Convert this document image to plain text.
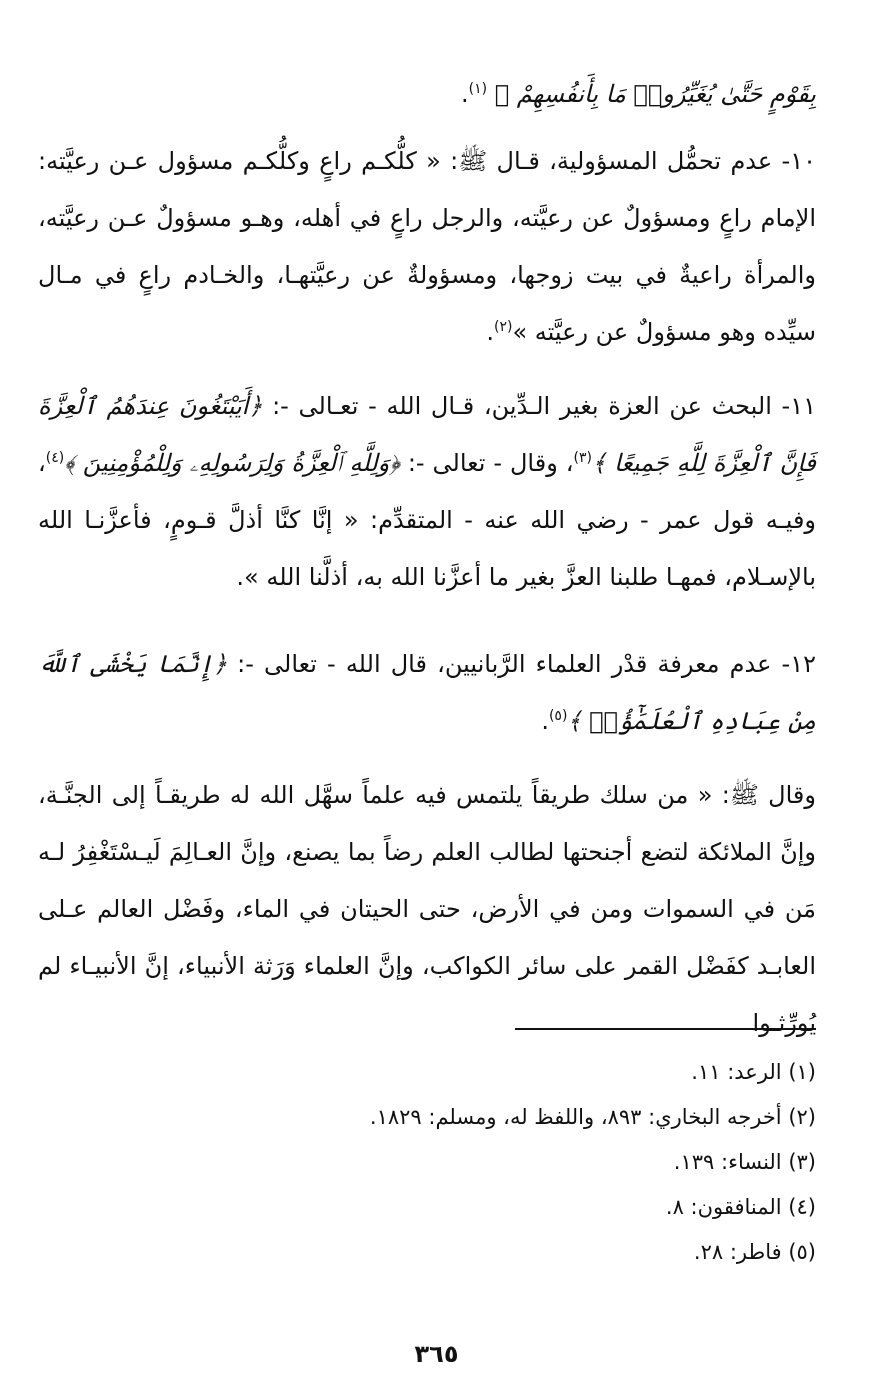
بِقَوْمٍ حَتَّىٰ يُغَيِّرُوا۟ مَا بِأَنفُسِهِمْ ﴾ $^{(١)}$.

١٠- عدم تحمُّل المسؤولية، قـال ﷺ: « كلُّكـم راعٍ وكلُّكـم مسؤول عـن رعيَّته: الإمام راعٍ ومسؤولٌ عن رعيَّته، والرجل راعٍ في أهله، وهـو مسؤولٌ عـن رعيَّته، والمرأة راعيةٌ في بيت زوجها، ومسؤولةٌ عن رعيَّتهـا، والخـادم راعٍ في مـال سيِّده وهو مسؤولٌ عن رعيَّته »$^{(٢)}$.

١١- البحث عن العزة بغير الـدِّين، قـال الله - تعـالى -: ﴿أَيَبْتَغُونَ عِندَهُمُ ٱلْعِزَّةَ فَإِنَّ ٱلْعِزَّةَ لِلَّهِ جَمِيعًا ﴾$^{(٣)}$، وقال - تعالى -: ﴿وَلِلَّهِ ٱلْعِزَّةُ وَلِرَسُولِهِۦ وَلِلْمُؤْمِنِينَ ﴾$^{(٤)}$، وفيـه قول عمر - رضي الله عنه - المتقدِّم: « إنَّا كنَّا أذلَّ قـومٍ، فأعزَّنـا الله بالإسـلام، فمهـا طلبنا العزَّ بغير ما أعزَّنا الله به، أذلَّنا الله ».

١٢- عدم معرفة قدْر العلماء الرَّبانيين، قال الله - تعالى -: ﴿إِنَّمَا يَخْشَى ٱللَّهَ مِنْ عِبَادِهِ ٱلْعُلَمَٰٓؤُا۟ ﴾$^{(٥)}$.

وقال ﷺ: « من سلك طريقاً يلتمس فيه علماً سهَّل الله له طريقـاً إلى الجنَّـة، وإنَّ الملائكة لتضع أجنحتها لطالب العلم رضاً بما يصنع، وإنَّ العـالِمَ لَيـسْتَغْفِرُ لـه مَن في السموات ومن في الأرض، حتى الحيتان في الماء، وفَضْل العالم عـلى العابـد كفَضْل القمر على سائر الكواكب، وإنَّ العلماء وَرَثة الأنبياء، إنَّ الأنبيـاء لم يُورِّثـوا

(١) الرعد: ١١.
(٢) أخرجه البخاري: ٨٩٣، واللفظ له، ومسلم: ١٨٢٩.
(٣) النساء: ١٣٩.
(٤) المنافقون: ٨.
(٥) فاطر: ٢٨.
٣٦٥
